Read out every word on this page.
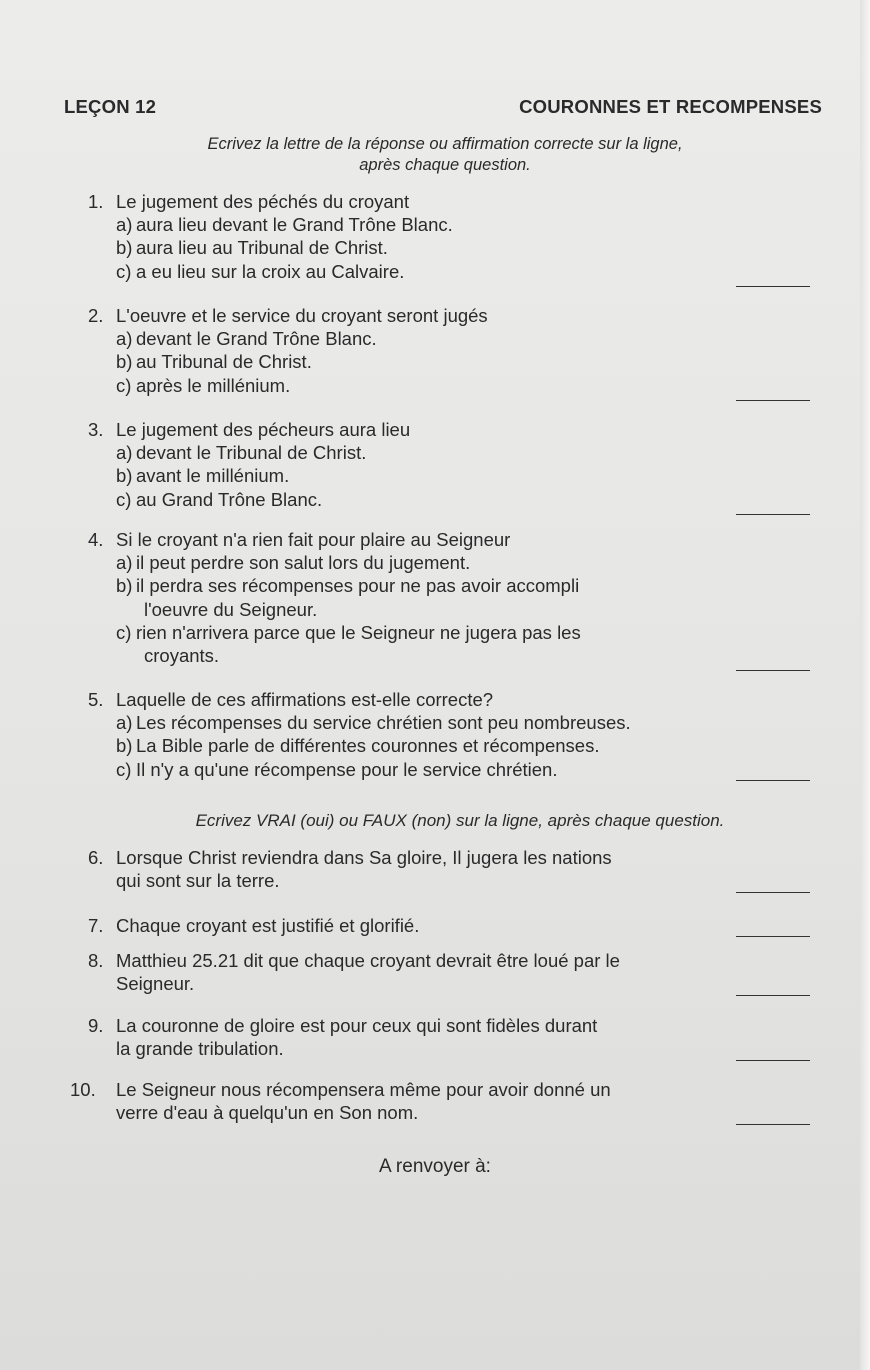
LEÇON 12	COURONNES ET RECOMPENSES
Ecrivez la lettre de la réponse ou affirmation correcte sur la ligne,
après chaque question.
1. Le jugement des péchés du croyant
a) aura lieu devant le Grand Trône Blanc.
b) aura lieu au Tribunal de Christ.
c) a eu lieu sur la croix au Calvaire.
2. L'oeuvre et le service du croyant seront jugés
a) devant le Grand Trône Blanc.
b) au Tribunal de Christ.
c) après le millénium.
3. Le jugement des pécheurs aura lieu
a) devant le Tribunal de Christ.
b) avant le millénium.
c) au Grand Trône Blanc.
4. Si le croyant n'a rien fait pour plaire au Seigneur
a) il peut perdre son salut lors du jugement.
b) il perdra ses récompenses pour ne pas avoir accompli
l'oeuvre du Seigneur.
c) rien n'arrivera parce que le Seigneur ne jugera pas les
croyants.
5. Laquelle de ces affirmations est-elle correcte?
a) Les récompenses du service chrétien sont peu nombreuses.
b) La Bible parle de différentes couronnes et récompenses.
c) Il n'y a qu'une récompense pour le service chrétien.
Ecrivez VRAI (oui) ou FAUX (non) sur la ligne, après chaque question.
6. Lorsque Christ reviendra dans Sa gloire, Il jugera les nations
qui sont sur la terre.
7. Chaque croyant est justifié et glorifié.
8. Matthieu 25.21 dit que chaque croyant devrait être loué par le
Seigneur.
9. La couronne de gloire est pour ceux qui sont fidèles durant
la grande tribulation.
10. Le Seigneur nous récompensera même pour avoir donné un
verre d'eau à quelqu'un en Son nom.
A renvoyer à:
